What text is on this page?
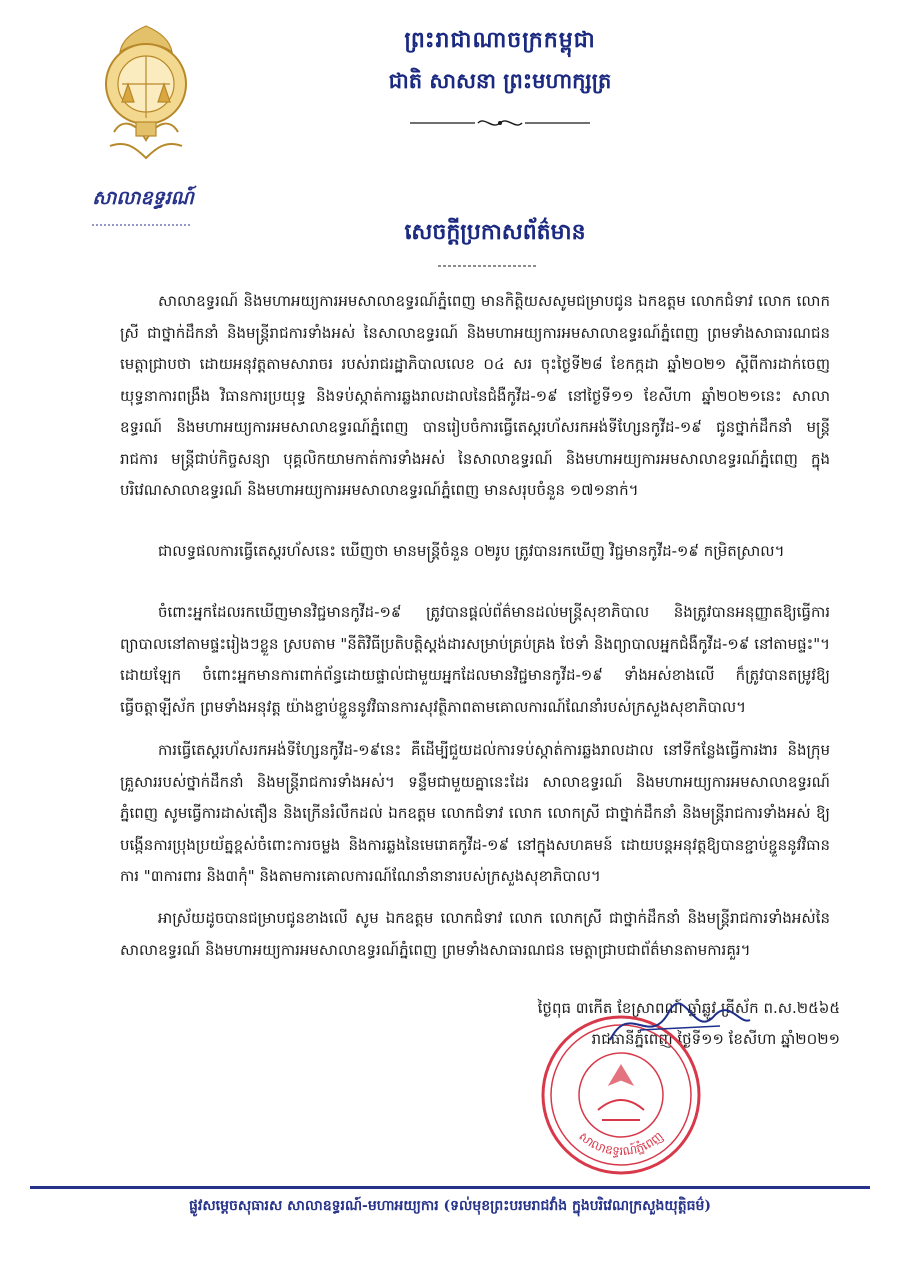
សាលាឧទ្ធរណ៍
ព្រះរាជាណាចក្រកម្ពុជា
ជាតិ សាសនា ព្រះមហាក្សត្រ
សេចក្តីប្រកាសព័ត៌មាន
សាលាឧទ្ធរណ៍ និងមហាអយ្យការអមសាលាឧទ្ធរណ៍ភ្នំពេញ មានកិត្តិយសសូមជម្រាបជូន ឯកឧត្តម លោកជំទាវ លោក លោកស្រី ជាថ្នាក់ដឹកនាំ និងមន្ត្រីរាជការទាំងអស់ នៃសាលាឧទ្ធរណ៍ និងមហាអយ្យការអមសាលាឧទ្ធរណ៍ភ្នំពេញ ព្រមទាំងសាធារណជន មេត្តាជ្រាបថា ដោយអនុវត្តតាមសារាចរ របស់រាជរដ្ឋាភិបាលលេខ ០៤ សរ ចុះថ្ងៃទី២៨ ខែកក្កដា ឆ្នាំ២០២១ ស្តីពីការដាក់ចេញយុទ្ធនាការពង្រឹង វិធានការប្រយុទ្ធ និងទប់ស្កាត់ការឆ្លងរាលដាលនៃជំងឺកូវីដ-១៩ នៅថ្ងៃទី១១ ខែសីហា ឆ្នាំ២០២១នេះ សាលាឧទ្ធរណ៍ និងមហាអយ្យការអមសាលាឧទ្ធរណ៍ភ្នំពេញ បានរៀបចំការធ្វើតេស្តរហ័សរកអង់ទីហ្សែនកូវីដ-១៩ ជូនថ្នាក់ដឹកនាំ មន្ត្រីរាជការ មន្ត្រីជាប់កិច្ចសន្យា បុគ្គលិកយាមកាត់ការទាំងអស់ នៃសាលាឧទ្ធរណ៍ និងមហាអយ្យការអមសាលាឧទ្ធរណ៍ភ្នំពេញ ក្នុងបរិវេណសាលាឧទ្ធរណ៍ និងមហាអយ្យការអមសាលាឧទ្ធរណ៍ភ្នំពេញ មានសរុបចំនួន ១៧១នាក់។
ជាលទ្ធផលការធ្វើតេស្តរហ័សនេះ ឃើញថា មានមន្ត្រីចំនួន ០២រូប ត្រូវបានរកឃើញ វិជ្ជមានកូវីដ-១៩ កម្រិតស្រាល។
ចំពោះអ្នកដែលរកឃើញមានវិជ្ជមានកូវីដ-១៩ ត្រូវបានផ្តល់ព័ត៌មានដល់មន្ត្រីសុខាភិបាល និងត្រូវបានអនុញ្ញាតឱ្យធ្វើការព្យាបាលនៅតាមផ្ទះរៀងៗខ្លួន ស្របតាម "នីតិវិធីប្រតិបត្តិស្តង់ដារសម្រាប់គ្រប់គ្រង ថែទាំ និងព្យាបាលអ្នកជំងឺកូវីដ-១៩ នៅតាមផ្ទះ"។ ដោយឡែក ចំពោះអ្នកមានការពាក់ព័ន្ធដោយផ្ទាល់ជាមួយអ្នកដែលមានវិជ្ជមានកូវីដ-១៩ ទាំងអស់ខាងលើ ក៏ត្រូវបានតម្រូវឱ្យធ្វើចត្តាឡីស័ក ព្រមទាំងអនុវត្ត យ៉ាងខ្ជាប់ខ្ជួននូវវិធានការសុវត្ថិភាពតាមគោលការណ៍ណែនាំរបស់ក្រសួងសុខាភិបាល។
ការធ្វើតេស្តរហ័សរកអង់ទីហ្សែនកូវីដ-១៩នេះ គឺដើម្បីជួយដល់ការទប់ស្កាត់ការឆ្លងរាលដាល នៅទីកន្លែងធ្វើការងារ និងក្រុមគ្រួសាររបស់ថ្នាក់ដឹកនាំ និងមន្ត្រីរាជការទាំងអស់។ ទន្ទឹមជាមួយគ្នានេះដែរ សាលាឧទ្ធរណ៍ និងមហាអយ្យការអមសាលាឧទ្ធរណ៍ភ្នំពេញ សូមធ្វើការដាស់តឿន និងក្រើនរំលឹកដល់ ឯកឧត្តម លោកជំទាវ លោក លោកស្រី ជាថ្នាក់ដឹកនាំ និងមន្ត្រីរាជការទាំងអស់ ឱ្យបង្កើនការប្រុងប្រយ័ត្នខ្ពស់ចំពោះការចម្លង និងការឆ្លងនៃមេរោគកូវីដ-១៩ នៅក្នុងសហគមន៍ ដោយបន្តអនុវត្តឱ្យបានខ្ជាប់ខ្ជួននូវវិធានការ "៣ការពារ និង៣កុំ" និងតាមការគោលការណ៍ណែនាំនានារបស់ក្រសួងសុខាភិបាល។
អាស្រ័យដូចបានជម្រាបជូនខាងលើ សូម ឯកឧត្តម លោកជំទាវ លោក លោកស្រី ជាថ្នាក់ដឹកនាំ និងមន្ត្រីរាជការទាំងអស់នៃសាលាឧទ្ធរណ៍ និងមហាអយ្យការអមសាលាឧទ្ធរណ៍ភ្នំពេញ ព្រមទាំងសាធារណជន មេត្តាជ្រាបជាព័ត៌មានតាមការគួរ។
ថ្ងៃពុធ ៣កើត ខែស្រាពណ៍ ឆ្នាំឆ្លូវ ត្រីស័ក ព.ស.២៥៦៥
រាជធានីភ្នំពេញ ថ្ងៃទី១១ ខែសីហា ឆ្នាំ២០២១
សាលាឧទ្ធរណ៍ភ្នំពេញ
ផ្លូវសម្តេចសុធារស សាលាឧទ្ធរណ៍-មហាអយ្យការ (ទល់មុខព្រះបរមរាជវាំង ក្នុងបរិវេណក្រសួងយុត្តិធម៌)
